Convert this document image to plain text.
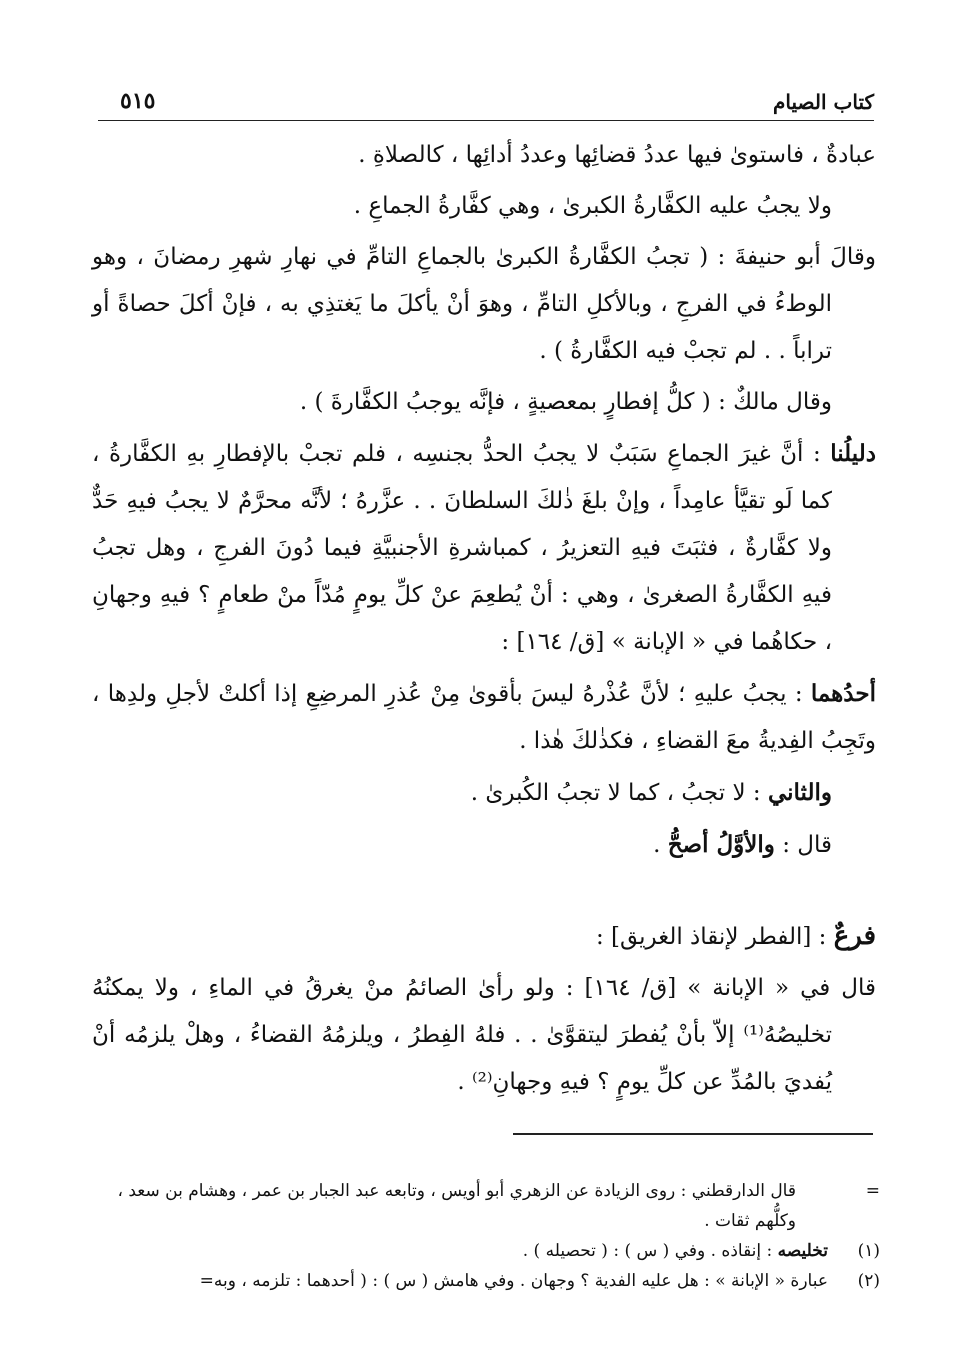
كتاب الصيام
٥١٥

عبادةٌ ، فاستوىٰ فيها عددُ قضائِها وعددُ أدائِها ، كالصلاةِ .

ولا يجبُ عليه الكفَّارةُ الكبرىٰ ، وهي كفَّارةُ الجماعِ .

وقالَ أبو حنيفةَ : ( تجبُ الكفَّارةُ الكبرىٰ بالجماعِ التامِّ في نهارِ شهرِ رمضانَ ، وهو الوطءُ في الفرجِ ، وبالأكلِ التامِّ ، وهوَ أنْ يأكلَ ما يَغتذِي به ، فإنْ أكلَ حصاةً أو تراباً . . لم تجبْ فيه الكفَّارةُ ) .

وقال مالكٌ : ( كلُّ إفطارٍ بمعصيةٍ ، فإنَّه يوجبُ الكفَّارةَ ) .

دليلُنا : أنَّ غيرَ الجماعِ سَبَبٌ لا يجبُ الحدُّ بجنسِه ، فلم تجبْ بالإفطارِ بهِ الكفَّارةُ ، كما لَو تقيَّأ عامِداً ، وإنْ بلغَ ذٰلكَ السلطانَ . . عزَّرهُ ؛ لأنَّه محرَّمٌ لا يجبُ فيهِ حَدٌّ ولا كفَّارةٌ ، فثبَتَ فيهِ التعزيرُ ، كمباشرةِ الأجنبيَّةِ فيما دُونَ الفرجِ ، وهل تجبُ فيهِ الكفَّارةُ الصغرىٰ ، وهي : أنْ يُطعِمَ عنْ كلِّ يومٍ مُدّاً منْ طعامٍ ؟ فيهِ وجهانِ ، حكاهُما في « الإبانة » [ق/ ١٦٤] :

أحدُهما : يجبُ عليهِ ؛ لأنَّ عُذْرهُ ليسَ بأقوىٰ مِنْ عُذرِ المرضِعِ إذا أكلتْ لأجلِ ولدِها ، وتَجِبُ الفِديةُ معَ القضاءِ ، فكذٰلكَ هٰذا .

والثاني : لا تجبُ ، كما لا تجبُ الكُبرىٰ .

قال : والأوَّلُ أصحُّ .

فرعٌ : [الفطر لإنقاذ الغريق] :

قال في « الإبانة » [ق/ ١٦٤] : ولو رأىٰ الصائمُ منْ يغرقُ في الماءِ ، ولا يمكنُهُ تخليصُهُ⁽¹⁾ إلاّ بأنْ يُفطرَ ليتقوَّىٰ . . فلهُ الفِطرُ ، ويلزمُهُ القضاءُ ، وهلْ يلزمُه أنْ يُفديَ بالمُدِّ عن كلِّ يومٍ ؟ فيهِ وجهانِ⁽²⁾ .

=
قال الدارقطني : روى الزيادة عن الزهري أبو أويس ، وتابعه عبد الجبار بن عمر ، وهشام بن سعد ، وكلُّهم ثقات .
(١)
تخليصه : إنقاذه . وفي ( س ) : ( تحصيله ) .
(٢)
عبارة « الإبانة » : هل عليه الفدية ؟ وجهان . وفي هامش ( س ) : ( أحدهما : تلزمه ، وبه=
